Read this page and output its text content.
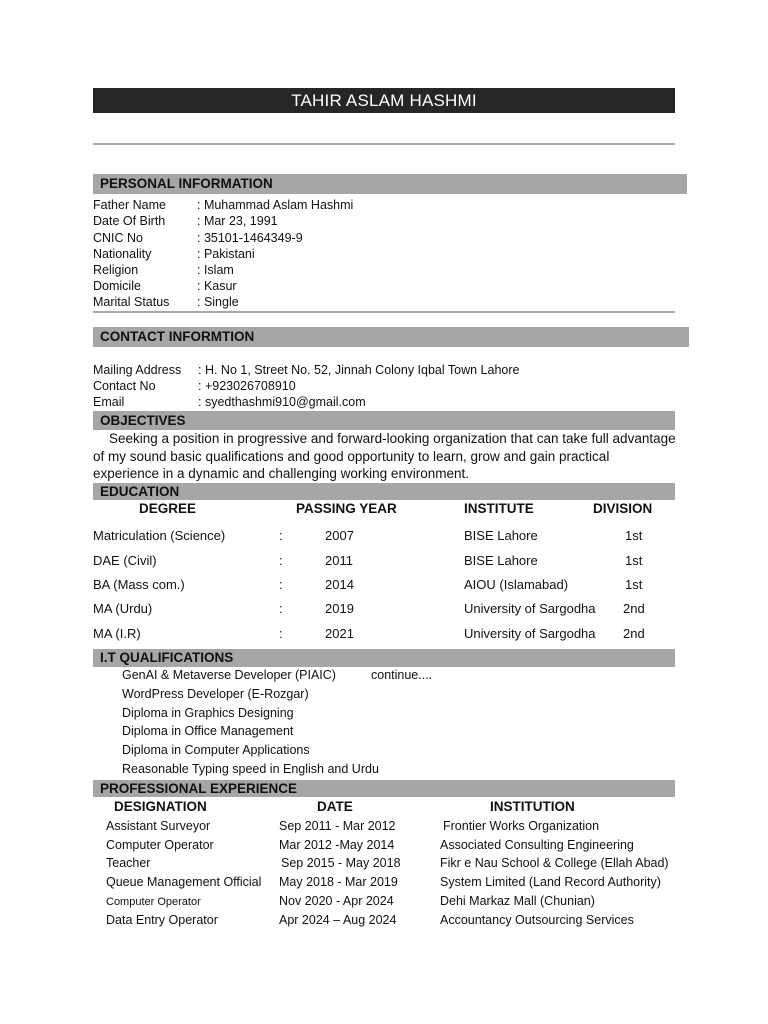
TAHIR ASLAM HASHMI
PERSONAL INFORMATION
Father Name : Muhammad Aslam Hashmi
Date Of Birth	: Mar 23, 1991
CNIC No	: 35101-1464349-9
Nationality	: Pakistani
Religion	: Islam
Domicile	: Kasur
Marital Status : Single
CONTACT INFORMTION
Mailing Address : H. No 1, Street No. 52, Jinnah Colony Iqbal Town Lahore
Contact No	: +923026708910
Email	: syedthashmi910@gmail.com
OBJECTIVES
Seeking a position in progressive and forward-looking organization that can take full advantage of my sound basic qualifications and good opportunity to learn, grow and gain practical experience in a dynamic and challenging working environment.
EDUCATION
DEGREE	PASSING YEAR	INSTITUTE	DIVISION
Matriculation (Science)	:	2007	BISE Lahore	1st
DAE (Civil)	:	2011	BISE Lahore	1st
BA (Mass com.)	:	2014	AIOU (Islamabad)	1st
MA (Urdu)	:	2019	University of Sargodha 2nd
MA (I.R)	:	2021	University of Sargodha 2nd
I.T QUALIFICATIONS
GenAI & Metaverse Developer (PIAIC)	continue....
WordPress Developer (E-Rozgar)
Diploma in Graphics Designing
Diploma in Office Management
Diploma in Computer Applications
Reasonable Typing speed in English and Urdu
PROFESSIONAL EXPERIENCE
DESIGNATION	DATE	INSTITUTION
Assistant Surveyor	Sep 2011 - Mar 2012	Frontier Works Organization
Computer Operator	Mar 2012 -May 2014	Associated Consulting Engineering
Teacher	Sep 2015 - May 2018	Fikr e Nau School & College (Ellah Abad)
Queue Management Official May 2018 - Mar 2019	System Limited (Land Record Authority)
Computer Operator	Nov 2020 - Apr 2024	Dehi Markaz Mall (Chunian)
Data Entry Operator	Apr 2024 – Aug 2024	Accountancy Outsourcing Services
